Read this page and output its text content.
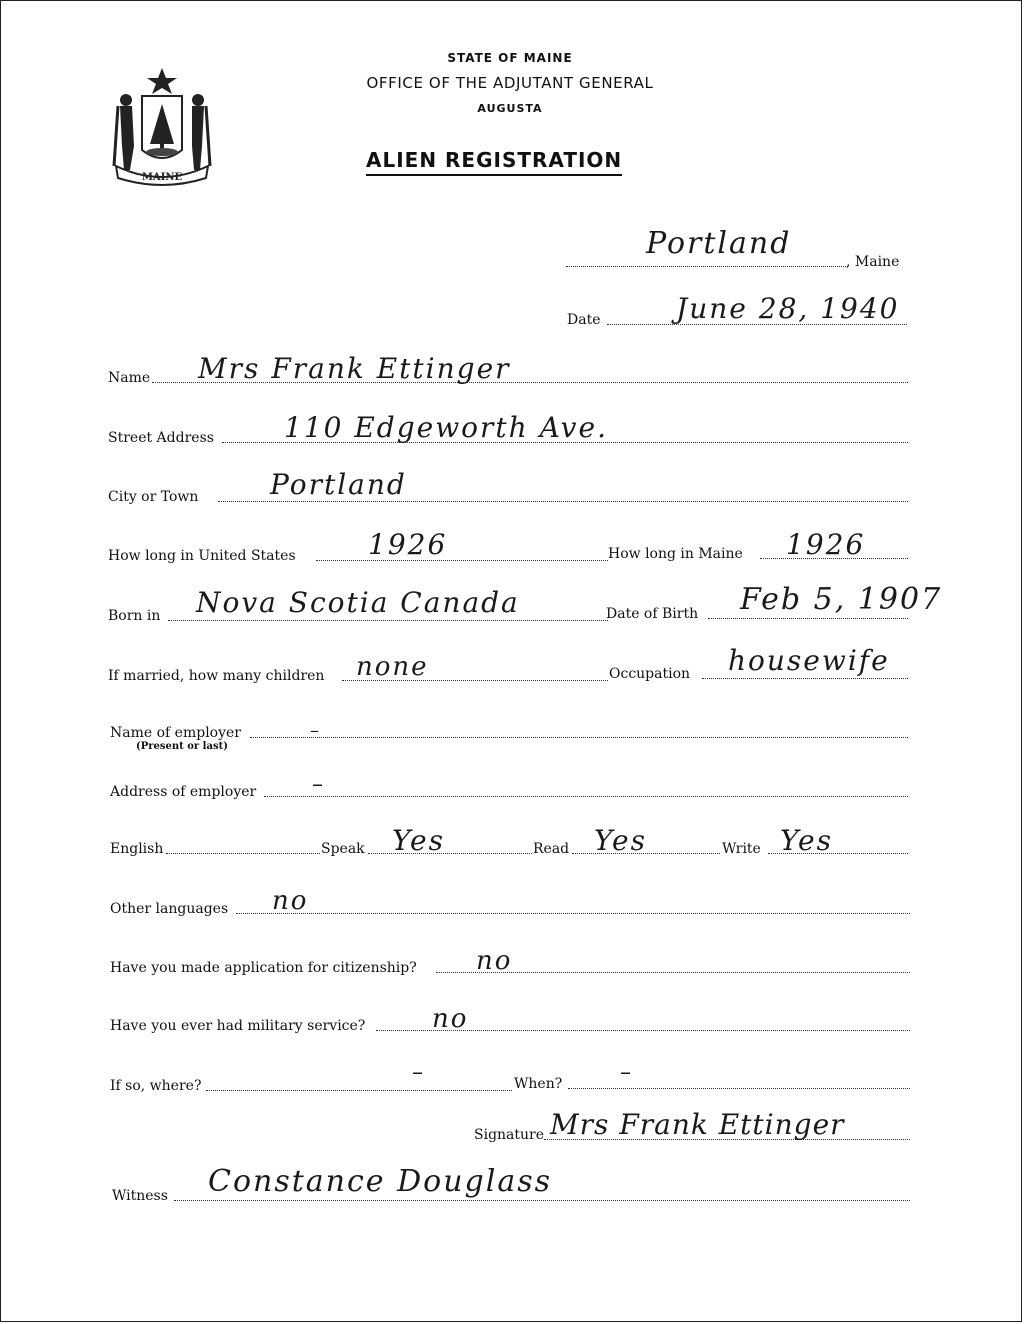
MAINE
STATE OF MAINE
OFFICE OF THE ADJUTANT GENERAL
AUGUSTA
ALIEN REGISTRATION
Portland
, Maine
Date	June 28, 1940
Name Mrs Frank Ettinger
Street Address	110 Edgeworth Ave.
City or Town	Portland
How long in United States	1926	How long in Maine 1926
Born in Nova Scotia Canada	Date of Birth Feb 5, 1907
If married, how many children none	Occupation housewife
Name of employer
(Present or last)
–
Address of employer	–
English	Speak Yes	Read Yes	Write Yes
Other languages no
Have you made application for citizenship? no
Have you ever had military service?	no
If so, where?
–	When?	–
Signature Mrs Frank Ettinger
Witness Constance Douglass
